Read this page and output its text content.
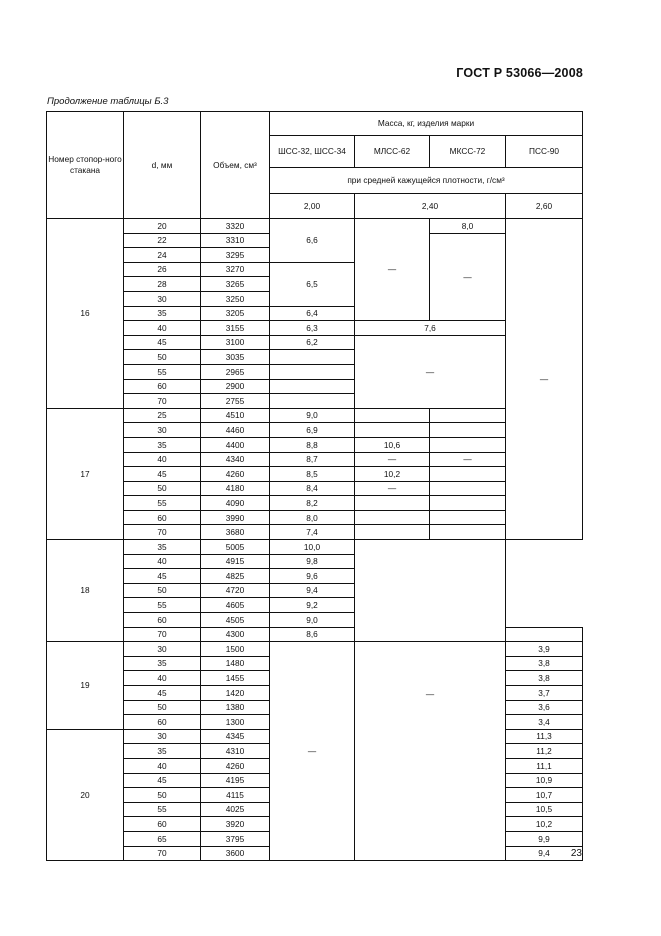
ГОСТ Р 53066—2008
Продолжение таблицы Б.3
Номер стопор-ного стакана	d, мм	Объем, см³	Масса, кг, изделия марки			
			ШСС-32, ШСС-34	МЛСС-62	МКСС-72	ПСС-90
			при средней кажущейся плотности, г/см³			
			2,00	2,40		2,60
16	20	3320	6,6	—	8,0	—
	22	3310			—	
	24	3295				
	26	3270	6,5			
	28	3265				
	30	3250				
	35	3205	6,4			
	40	3155	6,3	7,6		
	45	3100	6,2	—		
	50	3035				
	55	2965				
	60	2900				
	70	2755				
17	25	4510	9,0			
	30	4460	6,9			
	35	4400	8,8	10,6		
	40	4340	8,7	—	—	
	45	4260	8,5	10,2		
	50	4180	8,4	—		
	55	4090	8,2			
	60	3990	8,0			
	70	3680	7,4			
18	35	5005	10,0			
	40	4915	9,8			
	45	4825	9,6			
	50	4720	9,4			
	55	4605	9,2			
	60	4505	9,0			
	70	4300	8,6			
19	30	1500	—	—		3,9
	35	1480				3,8
	40	1455				3,8
	45	1420				3,7
	50	1380				3,6
	60	1300				3,4
20	30	4345				11,3
	35	4310				11,2
	40	4260				11,1
	45	4195				10,9
	50	4115				10,7
	55	4025				10,5
	60	3920				10,2
	65	3795				9,9
	70	3600				9,4 23
